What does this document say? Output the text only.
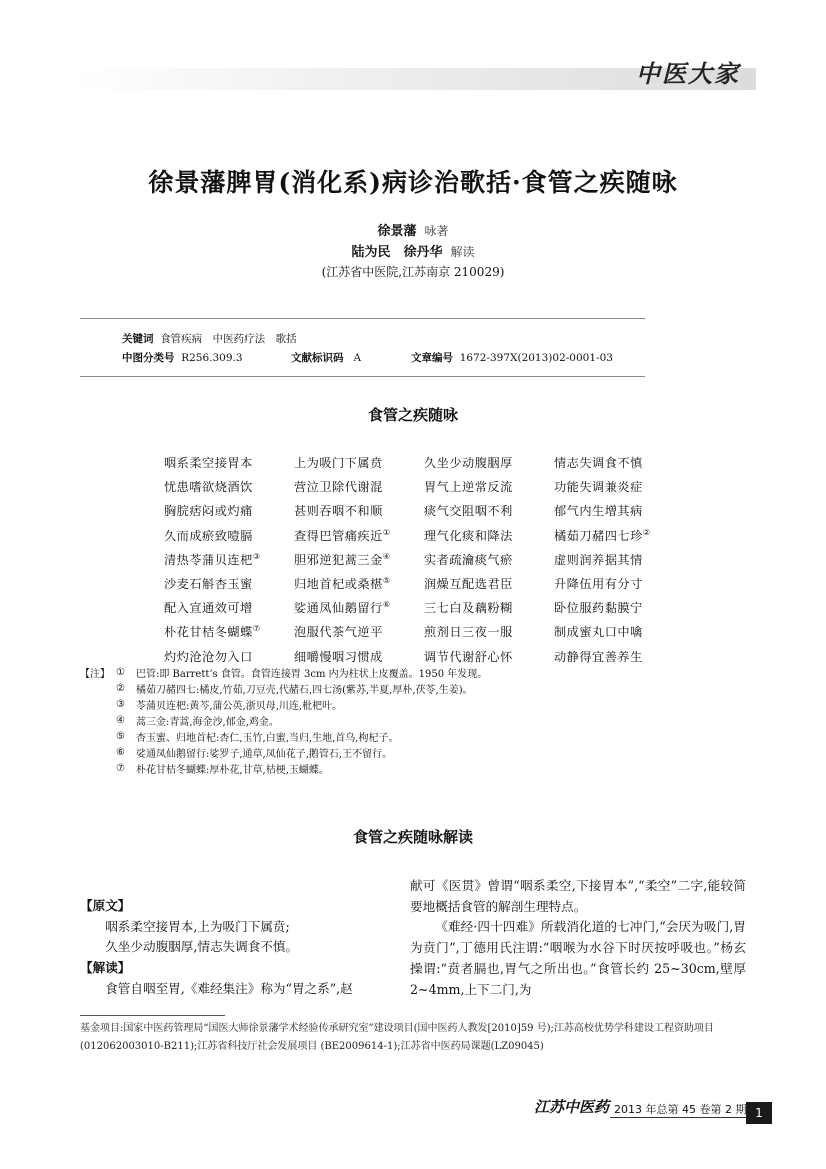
中医大家
徐景藩脾胃(消化系)病诊治歌括·食管之疾随咏
徐景藩 咏著
陆为民　徐丹华 解读
(江苏省中医院,江苏南京 210029)
关键词 食管疾病　中医药疗法　歌括
中图分类号 R256.309.3	文献标识码 A	文章编号 1672-397X(2013)02-0001-03
食管之疾随咏
咽系柔空接胃本	上为吸门下属贲	久坐少动腹胭厚	情志失调食不慎
忧患嗜欲烧酒饮	营泣卫除代谢混	胃气上逆常反流	功能失调兼炎症
胸脘痞闷或灼痛	甚则吞咽不和顺	痰气交阻咽不利	郁气内生增其病
久而成瘀致噎膈	查得巴管痛疾近①	理气化痰和降法	橘茹刀赭四七珍②
清热苓蒲贝连杷③	胆邪逆犯蒿三金④	实者疏瀹痰气瘀	虚则润养据其情
沙麦石斛杏玉蜜	归地首杞或桑椹⑤	润燥互配选君臣	升降伍用有分寸
配入宣通效可增	娑通凤仙鹅留行⑥	三七白及藕粉糊	卧位服药黏膜宁
朴花甘桔冬蝴蝶⑦	泡服代茶气逆平	煎剂日三夜一服	制成蜜丸口中噙
灼灼沧沧勿入口	细嚼慢咽习惯成	调节代谢舒心怀	动静得宜善养生
【注】 ①	巴管:即 Barrett’s 食管。食管连接胃 3cm 内为柱状上皮覆盖。1950 年发现。
②	橘茹刀赭四七:橘皮,竹茹,刀豆壳,代赭石,四七汤(紫苏,半夏,厚朴,茯苓,生姜)。
③	苓蒲贝连杷:黄芩,蒲公英,浙贝母,川连,枇杷叶。
④	蒿三金:青蒿,海金沙,郁金,鸡金。
⑤	杏玉蜜、归地首杞:杏仁,玉竹,白蜜,当归,生地,首乌,枸杞子。
⑥	娑通凤仙鹅留行:娑罗子,通草,凤仙花子,鹅管石,王不留行。
⑦	朴花甘桔冬蝴蝶:厚朴花,甘草,桔梗,玉蝴蝶。
食管之疾随咏解读

【原文】

咽系柔空接胃本,上为吸门下属贲;

久坐少动腹胭厚,情志失调食不慎。

【解读】

食管自咽至胃,《难经集注》称为“胃之系”,赵

献可《医贯》曾谓“咽系柔空,下接胃本”,“柔空”二字,能较简要地概括食管的解剖生理特点。

《难经·四十四难》所载消化道的七冲门,“会厌为吸门,胃为贲门”,丁德用氏注谓:“咽喉为水谷下时厌按呼吸也。”杨玄操谓:“贲者膈也,胃气之所出也。”食管长约 25~30cm,壁厚 2~4mm,上下二门,为

基金项目:国家中医药管理局“国医大师徐景藩学术经验传承研究室”建设项目(国中医药人教发[2010]59 号);江苏高校优势学科建设工程资助项目 (012062003010-B211);江苏省科技厅社会发展项目 (BE2009614-1);江苏省中医药局课题(LZ09045)
江苏中医药 2013 年总第 45 卷第 2 期 1
